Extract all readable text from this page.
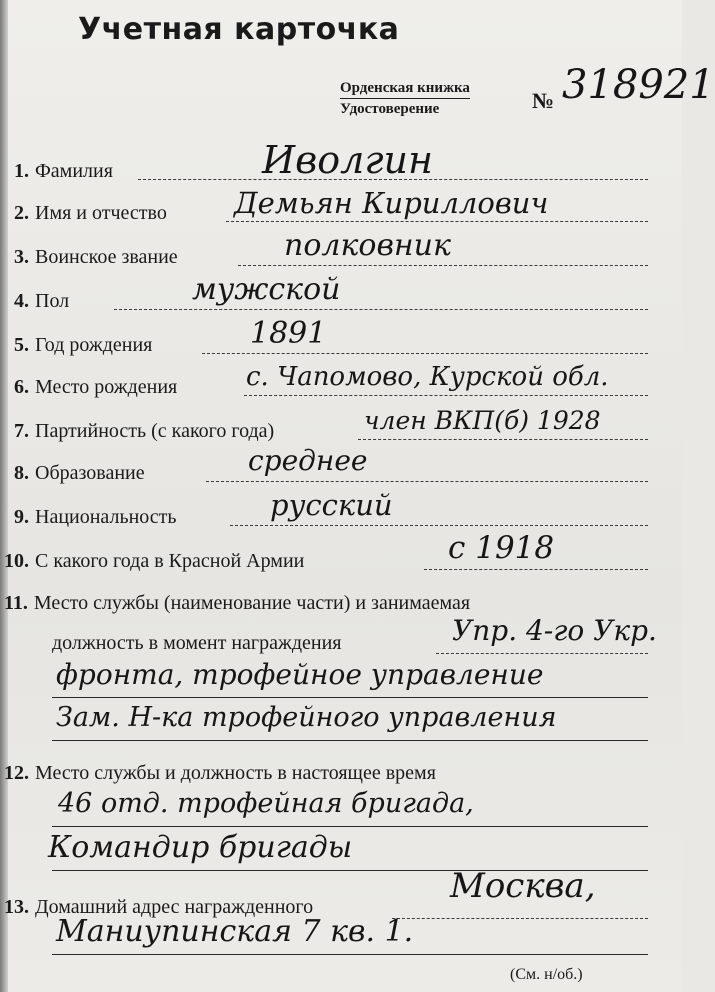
Учетная карточка
Орденская книжка
Удостоверение	№ 318921
1. Фамилия	Иволгин
2. Имя и отчество Демьян Кириллович
3. Воинское звание	полковник
4. Пол	мужской
5. Год рождения	1891
6. Место рождения	с. Чапомово, Курской обл.
7. Партийность (с какого года)	член ВКП(б) 1928
8. Образование	среднее
9. Национальность	русский
10. С какого года в Красной Армии	с 1918
11. Место службы (наименование части) и занимаемая
должность в момент награждения	Упр. 4-го Укр.
фронта, трофейное управление
Зам. Н-ка трофейного управления
12. Место службы и должность в настоящее время
46 отд. трофейная бригада,
Командир бригады
13. Домашний адрес награжденного
Москва,
Маниупинская 7 кв. 1.
(См. н/об.)
